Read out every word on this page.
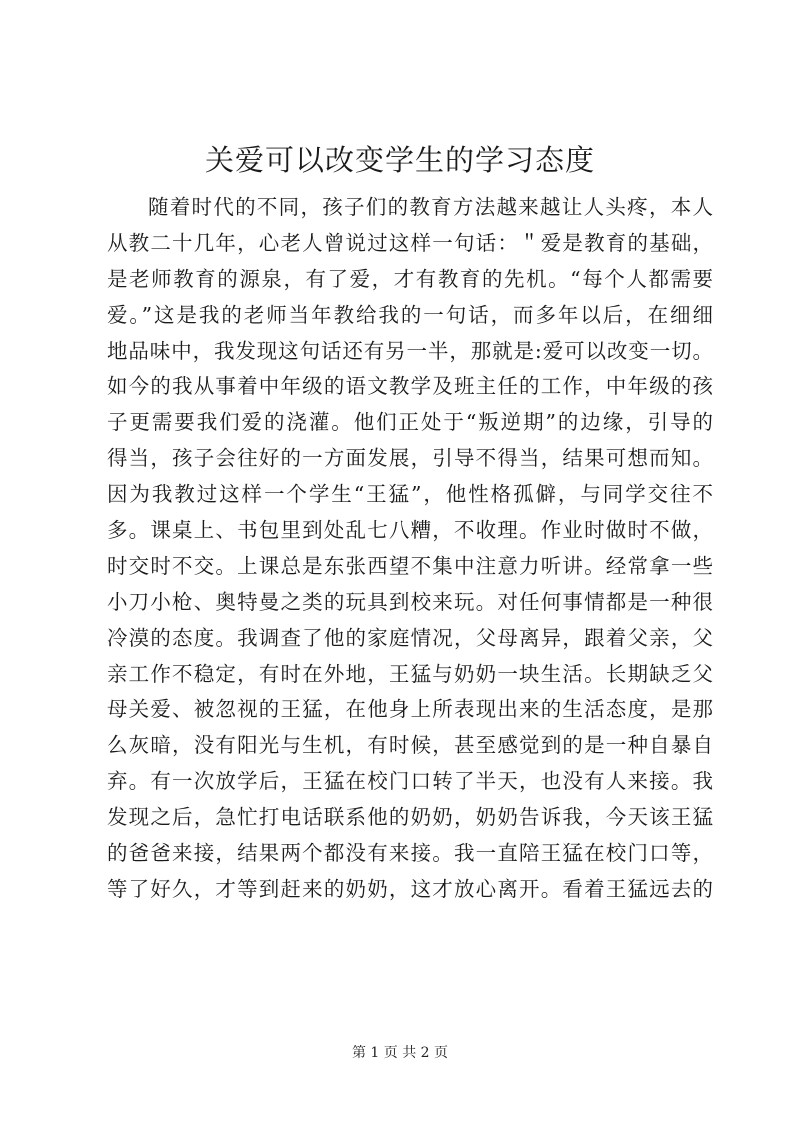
关爱可以改变学生的学习态度
随着时代的不同，孩子们的教育方法越来越让人头疼，本人
从教二十几年，心老人曾说过这样一句话：＂爱是教育的基础，
是老师教育的源泉，有了爱，才有教育的先机。“每个人都需要
爱。”这是我的老师当年教给我的一句话，而多年以后，在细细
地品味中，我发现这句话还有另一半，那就是:爱可以改变一切。
如今的我从事着中年级的语文教学及班主任的工作，中年级的孩
子更需要我们爱的浇灌。他们正处于“叛逆期”的边缘，引导的
得当，孩子会往好的一方面发展，引导不得当，结果可想而知。
因为我教过这样一个学生“王猛”，他性格孤僻，与同学交往不
多。课桌上、书包里到处乱七八糟，不收理。作业时做时不做，
时交时不交。上课总是东张西望不集中注意力听讲。经常拿一些
小刀小枪、奥特曼之类的玩具到校来玩。对任何事情都是一种很
冷漠的态度。我调查了他的家庭情况，父母离异，跟着父亲，父
亲工作不稳定，有时在外地，王猛与奶奶一块生活。长期缺乏父
母关爱、被忽视的王猛，在他身上所表现出来的生活态度，是那
么灰暗，没有阳光与生机，有时候，甚至感觉到的是一种自暴自
弃。有一次放学后，王猛在校门口转了半天，也没有人来接。我
发现之后，急忙打电话联系他的奶奶，奶奶告诉我，今天该王猛
的爸爸来接，结果两个都没有来接。我一直陪王猛在校门口等，
等了好久，才等到赶来的奶奶，这才放心离开。看着王猛远去的
第 1 页 共 2 页
